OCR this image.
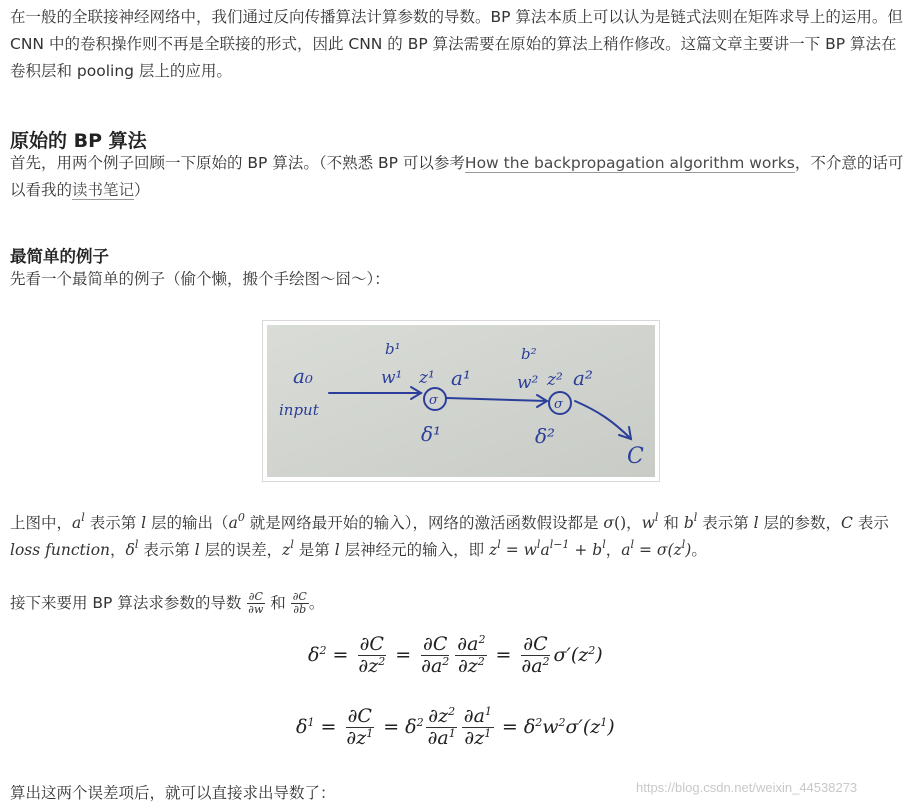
在一般的全联接神经网络中，我们通过反向传播算法计算参数的导数。BP 算法本质上可以认为是链式法则在矩阵求导上的运用。但 CNN 中的卷积操作则不再是全联接的形式，因此 CNN 的 BP 算法需要在原始的算法上稍作修改。这篇文章主要讲一下 BP 算法在卷积层和 pooling 层上的应用。

原始的 BP 算法

首先，用两个例子回顾一下原始的 BP 算法。（不熟悉 BP 可以参考How the backpropagation algorithm works，不介意的话可以看我的读书笔记）

最简单的例子

先看一个最简单的例子（偷个懒，搬个手绘图～囧～）：

a₀
input
b¹
w¹ z¹ a¹
δ¹
σ
b²
w² z² a²
δ²
σ
C

上图中，$a^l$ 表示第 l 层的输出（$a^0$ 就是网络最开始的输入），网络的激活函数假设都是 σ()，$w^l$ 和 $b^l$ 表示第 l 层的参数，C 表示 loss function，$\delta^l$ 表示第 l 层的误差，$z^l$ 是第 l 层神经元的输入，即 $z^l = w^la^{l-1} + b^l$，$a^l = \sigma(z^l)$。

接下来要用 BP 算法求参数的导数 $\frac{\partial C}{\partial w}$ 和 $\frac{\partial C}{\partial b}$ 。

$\delta^2 = \frac{\partial C}{\partial z^2} = \frac{\partial C}{\partial a^2} \frac{\partial a^2}{\partial z^2} = \frac{\partial C}{\partial a^2} \sigma'(z^2)$
$\delta^1 = \frac{\partial C}{\partial z^1} = \delta^2 \frac{\partial z^2}{\partial a^1} \frac{\partial a^1}{\partial z^1} = \delta^2w^2\sigma'(z^1)$

算出这两个误差项后，就可以直接求出导数了：	https://blog.csdn.net/weixin_44538273
